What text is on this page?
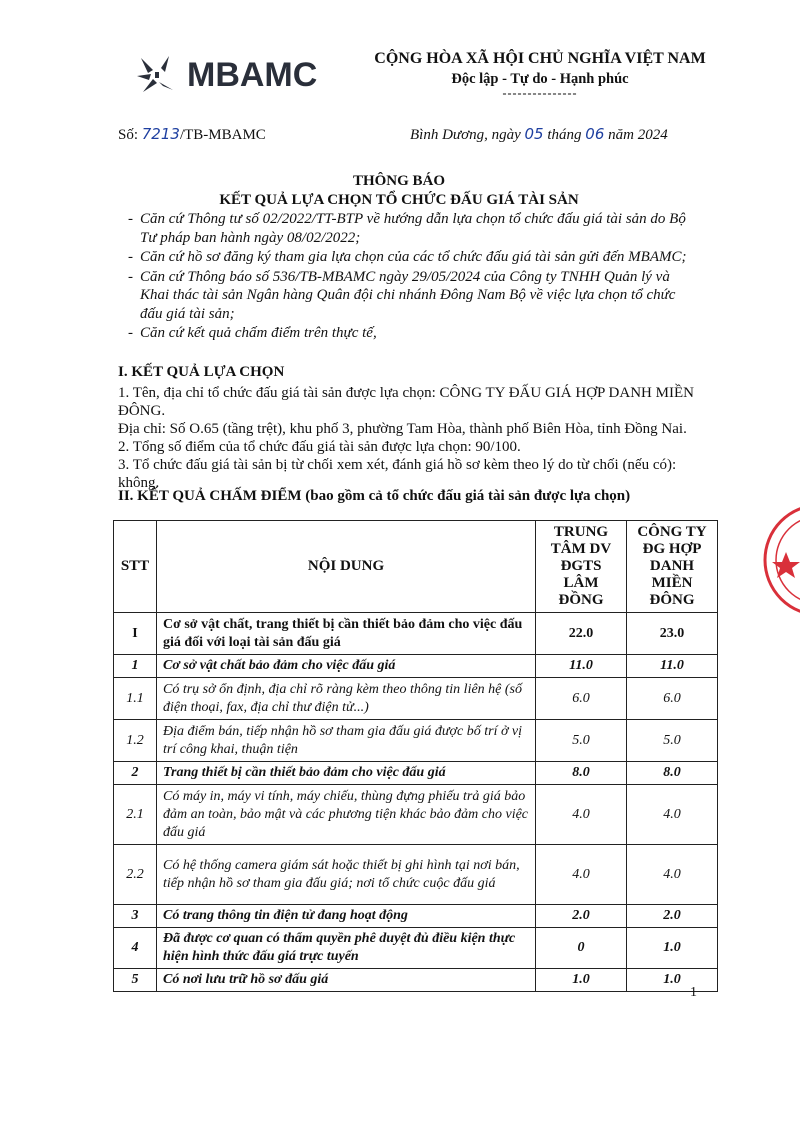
MBAMC	CỘNG HÒA XÃ HỘI CHỦ NGHĨA VIỆT NAM
Độc lập - Tự do - Hạnh phúc
---------------
Số: 7213/TB-MBAMC	Bình Dương, ngày 05 tháng 06 năm 2024
THÔNG BÁO
KẾT QUẢ LỰA CHỌN TỔ CHỨC ĐẤU GIÁ TÀI SẢN
- Căn cứ Thông tư số 02/2022/TT-BTP về hướng dẫn lựa chọn tổ chức đấu giá tài sản do Bộ Tư pháp ban hành ngày 08/02/2022;
- Căn cứ hồ sơ đăng ký tham gia lựa chọn của các tổ chức đấu giá tài sản gửi đến MBAMC;
- Căn cứ Thông báo số 536/TB-MBAMC ngày 29/05/2024 của Công ty TNHH Quản lý và Khai thác tài sản Ngân hàng Quân đội chi nhánh Đông Nam Bộ về việc lựa chọn tổ chức đấu giá tài sản;
- Căn cứ kết quả chấm điểm trên thực tế,
I. KẾT QUẢ LỰA CHỌN
1. Tên, địa chỉ tổ chức đấu giá tài sản được lựa chọn: CÔNG TY ĐẤU GIÁ HỢP DANH MIỀN ĐÔNG.
Địa chỉ: Số O.65 (tầng trệt), khu phố 3, phường Tam Hòa, thành phố Biên Hòa, tỉnh Đồng Nai.
2. Tổng số điểm của tổ chức đấu giá tài sản được lựa chọn: 90/100.
3. Tổ chức đấu giá tài sản bị từ chối xem xét, đánh giá hồ sơ kèm theo lý do từ chối (nếu có): không.
II. KẾT QUẢ CHẤM ĐIỂM (bao gồm cả tổ chức đấu giá tài sản được lựa chọn)
STT	NỘI DUNG	TRUNG TÂM DV ĐGTS LÂM ĐỒNG	CÔNG TY ĐG HỢP DANH MIỀN ĐÔNG
I	Cơ sở vật chất, trang thiết bị cần thiết bảo đảm cho việc đấu giá đối với loại tài sản đấu giá	22.0	23.0
1	Cơ sở vật chất bảo đảm cho việc đấu giá	11.0	11.0
1.1	Có trụ sở ổn định, địa chỉ rõ ràng kèm theo thông tin liên hệ (số điện thoại, fax, địa chỉ thư điện tử...)	6.0	6.0
1.2	Địa điểm bán, tiếp nhận hồ sơ tham gia đấu giá được bố trí ở vị trí công khai, thuận tiện	5.0	5.0
2	Trang thiết bị cần thiết bảo đảm cho việc đấu giá	8.0	8.0
2.1	Có máy in, máy vi tính, máy chiếu, thùng đựng phiếu trả giá bảo đảm an toàn, bảo mật và các phương tiện khác bảo đảm cho việc đấu giá	4.0	4.0
2.2	Có hệ thống camera giám sát hoặc thiết bị ghi hình tại nơi bán, tiếp nhận hồ sơ tham gia đấu giá; nơi tổ chức cuộc đấu giá	4.0	4.0
3	Có trang thông tin điện tử đang hoạt động	2.0	2.0
4	Đã được cơ quan có thẩm quyền phê duyệt đủ điều kiện thực hiện hình thức đấu giá trực tuyến	0	1.0
5	Có nơi lưu trữ hồ sơ đấu giá	1.0	1.0
1
